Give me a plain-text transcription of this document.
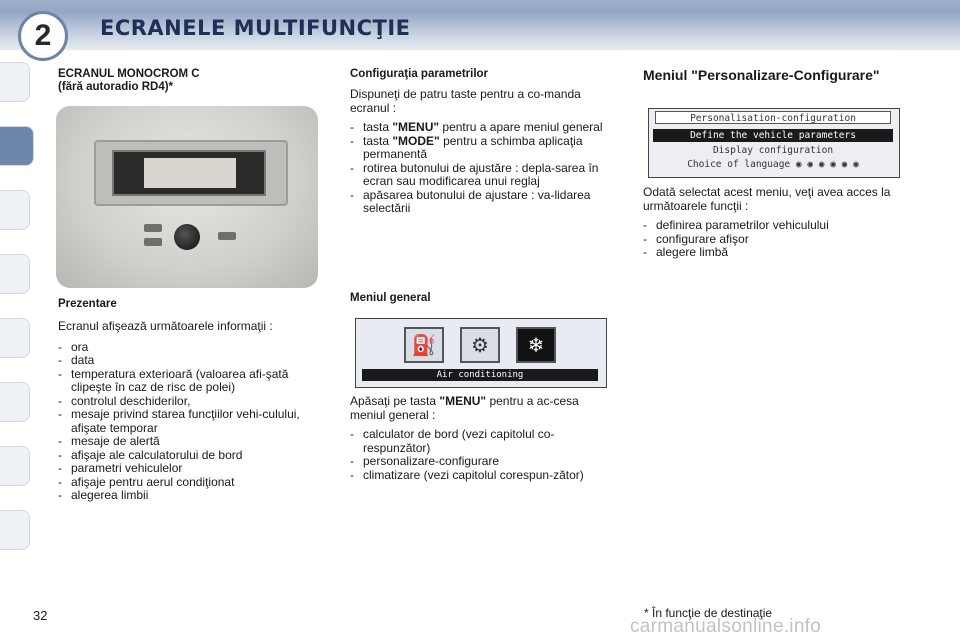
ECRANELE MULTIFUNCŢIE
2
ECRANUL MONOCROM C
(fără autoradio RD4)*
Prezentare

Ecranul afişează următoarele informaţii :

- ora
- data
- temperatura exterioară (valoarea afi-şată clipeşte în caz de risc de polei)
- controlul deschiderilor,
- mesaje privind starea funcţiilor vehi-culului, afişate temporar
- mesaje de alertă
- afişaje ale calculatorului de bord
- parametri vehiculelor
- afişaje pentru aerul condiţionat
- alegerea limbii
Configuraţia parametrilor

Dispuneţi de patru taste pentru a co-manda ecranul :

- tasta "MENU" pentru a apare meniul general
- tasta "MODE" pentru a schimba aplicaţia permanentă
- rotirea butonului de ajustăre : depla-sarea în ecran sau modificarea unui reglaj
- apăsarea butonului de ajustare : va-lidarea selectării
Meniul general
⛽	⚙	❄
Air conditioning

Apăsaţi pe tasta "MENU" pentru a ac-cesa meniul general :

- calculator de bord (vezi capitolul co-respunzător)
- personalizare-configurare
- climatizare (vezi capitolul corespun-zător)
Meniul "Personalizare-Configurare"
Personalisation-configuration
Define the vehicle parameters
Display configuration
Choice of language ◉ ◉ ◉ ◉ ◉ ◉

Odată selectat acest meniu, veţi avea acces la următoarele funcţii :

- definirea parametrilor vehiculului
- configurare afişor
- alegere limbă
32	* În funcţie de destinaţie
carmanualsonline.info
